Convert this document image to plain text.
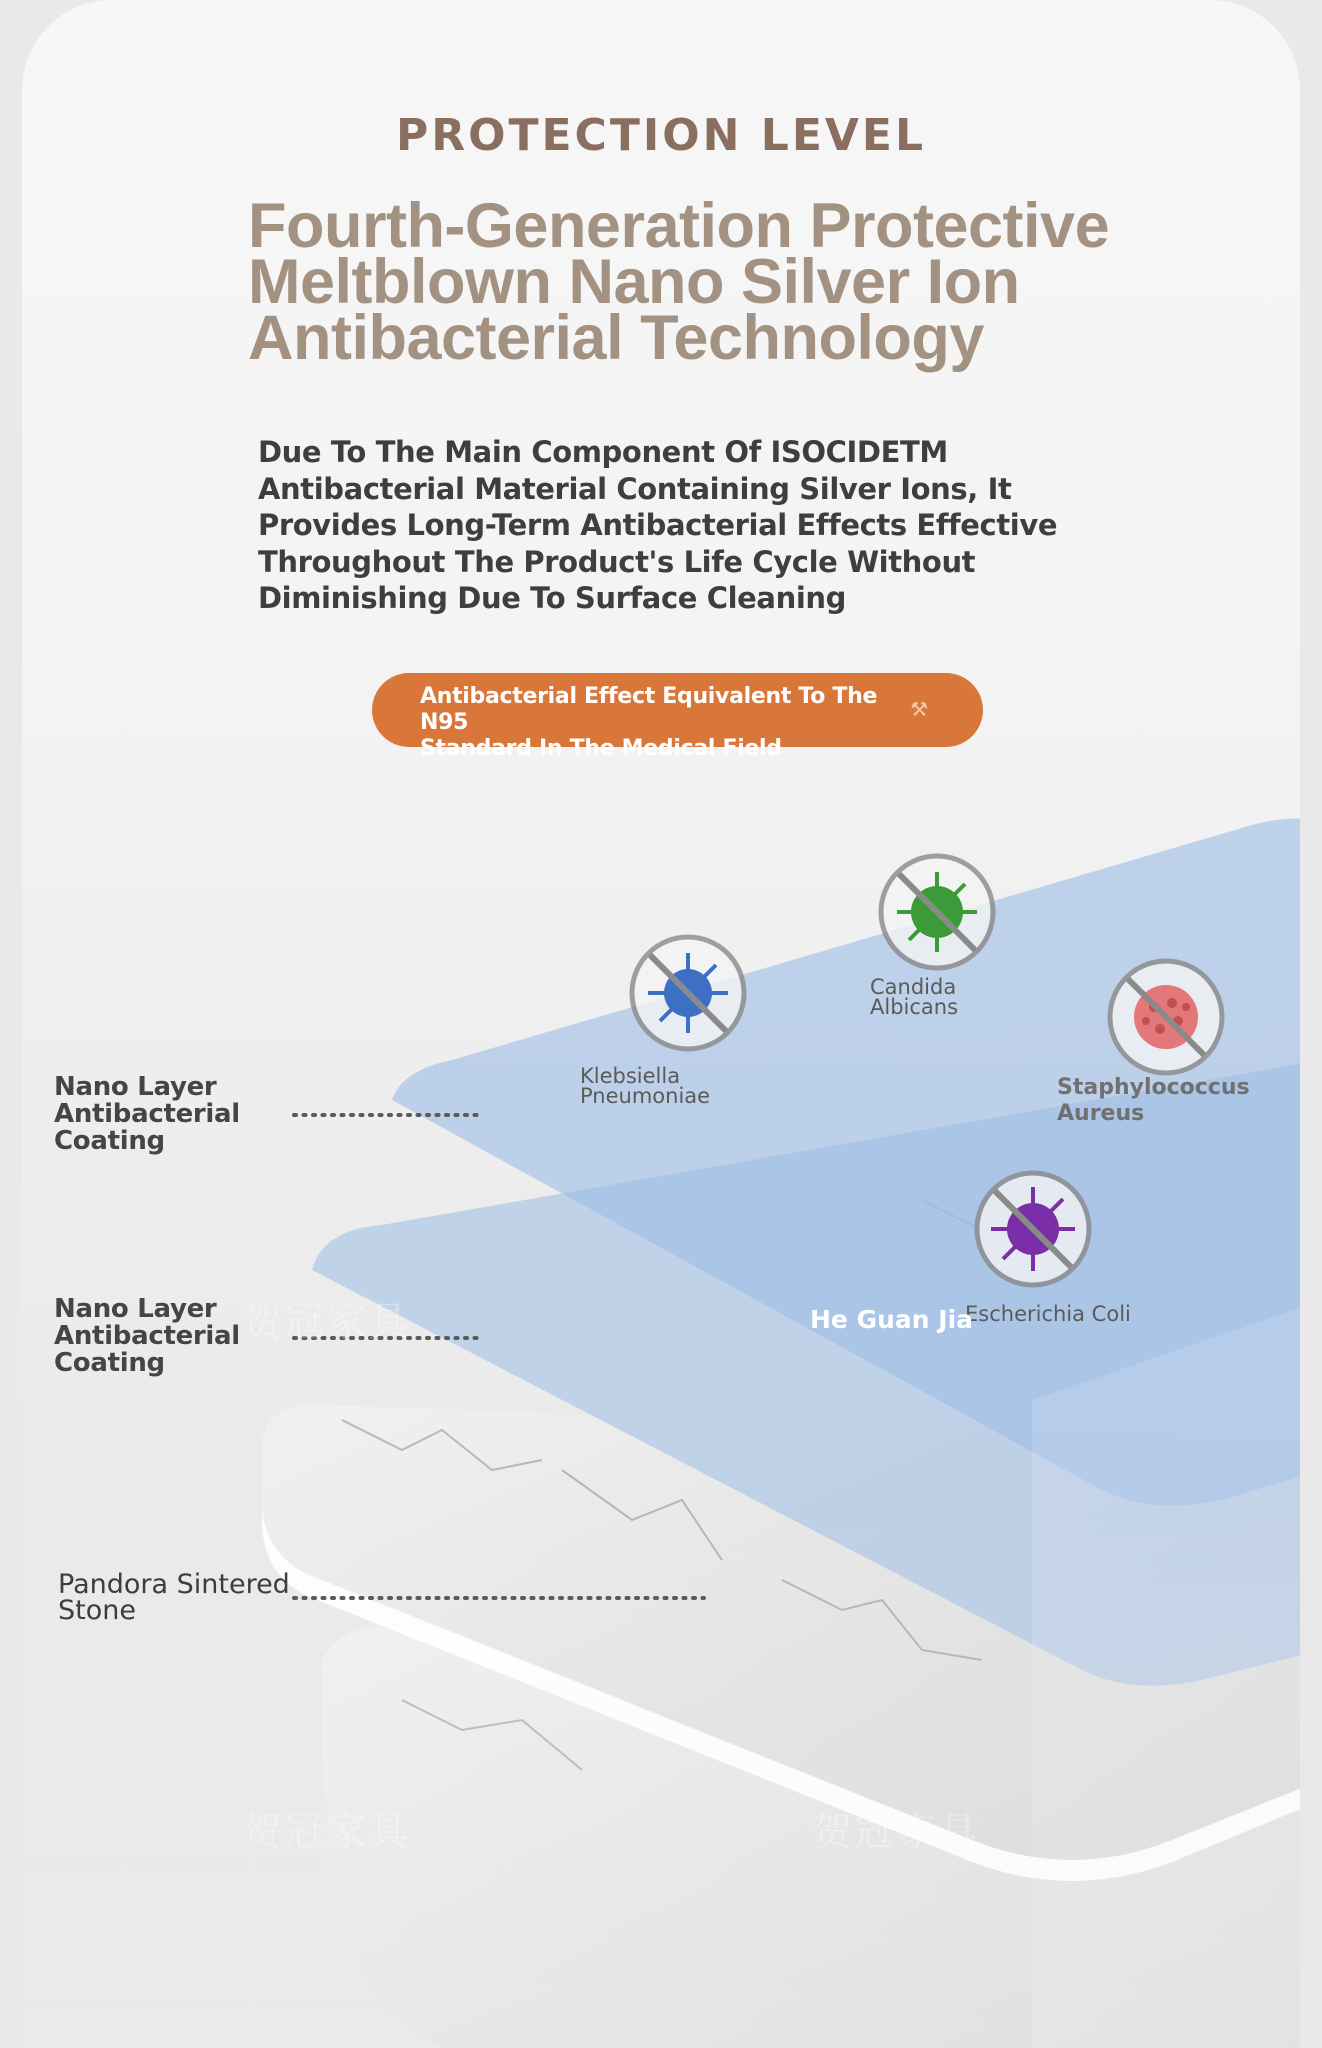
贺冠家具
贺冠家具	贺冠家具
PROTECTION LEVEL
Fourth-Generation Protective
Meltblown Nano Silver Ion
Antibacterial Technology
Due To The Main Component Of ISOCIDETM
Antibacterial Material Containing Silver Ions, It
Provides Long-Term Antibacterial Effects Effective
Throughout The Product's Life Cycle Without
Diminishing Due To Surface Cleaning
Antibacterial Effect Equivalent To The N95
Standard In The Medical Field
⚒
Nano Layer
Antibacterial
Coating
Nano Layer
Antibacterial
Coating
Pandora Sintered
Stone
Klebsiella
Pneumoniae
Candida
Albicans
Staphylococcus
Aureus
Escherichia Coli
He Guan Jia
